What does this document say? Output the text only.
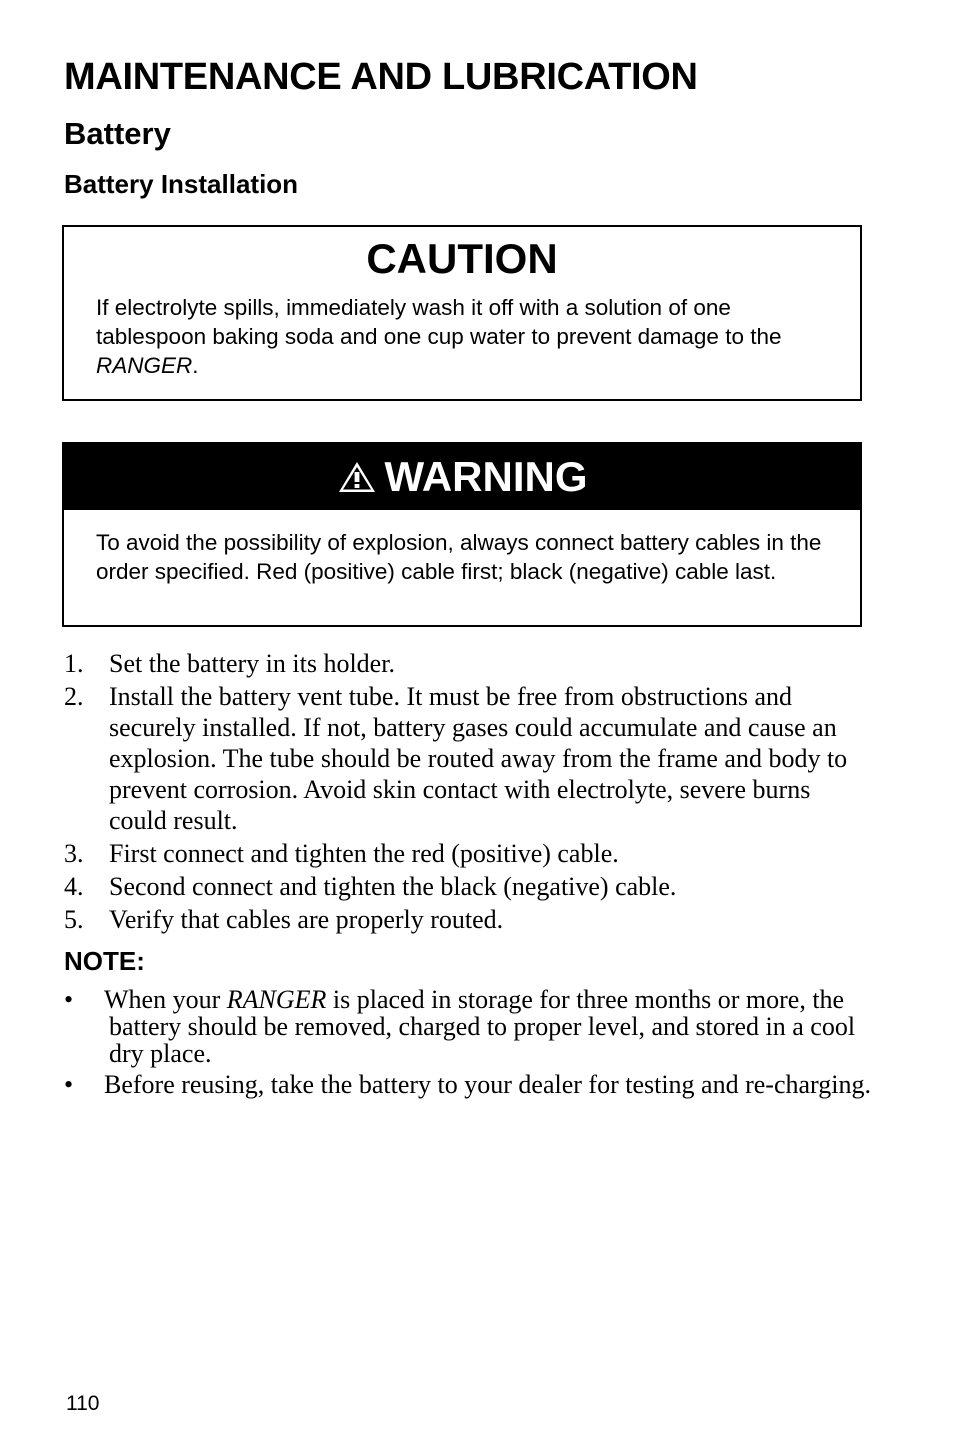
MAINTENANCE AND LUBRICATION
Battery
Battery Installation
CAUTION
If electrolyte spills, immediately wash it off with a solution of one tablespoon baking soda and one cup water to prevent damage to the RANGER.
WARNING
To avoid the possibility of explosion, always connect battery cables in the order specified. Red (positive) cable first; black (negative) cable last.
1. Set the battery in its holder.
2. Install the battery vent tube. It must be free from obstructions and securely installed. If not, battery gases could accumulate and cause an explosion. The tube should be routed away from the frame and body to prevent corrosion. Avoid skin contact with electrolyte, severe burns could result.
3. First connect and tighten the red (positive) cable.
4. Second connect and tighten the black (negative) cable.
5. Verify that cables are properly routed.
NOTE:
• When your RANGER is placed in storage for three months or more, the battery should be removed, charged to proper level, and stored in a cool dry place.
• Before reusing, take the battery to your dealer for testing and re-charging.
110
